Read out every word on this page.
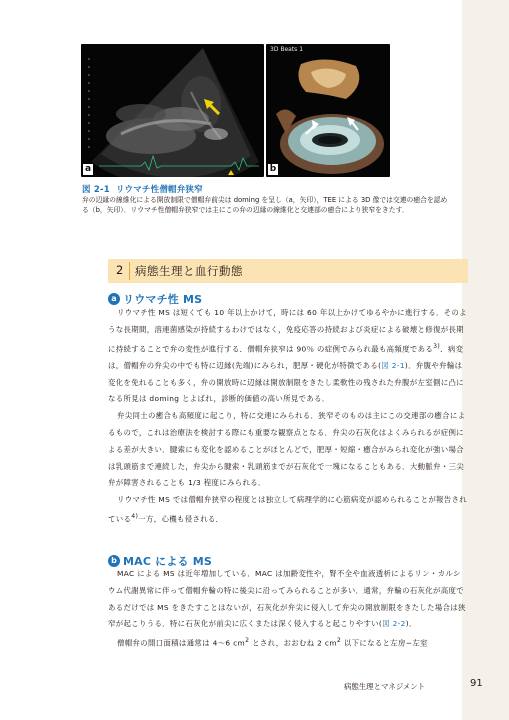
a
3D Beats 1
b
図 2-1 リウマチ性僧帽弁狭窄
弁の辺縁の線維化による開放制限で僧帽弁前尖は doming を呈し（a，矢印），TEE による 3D 像では交連の癒合を認める（b，矢印）．リウマチ性僧帽弁狭窄では主にこの弁の辺縁の線維化と交連部の癒合により狭窄をきたす．
2 病態生理と血行動態
a リウマチ性 MS

リウマチ性 MS は短くても 10 年以上かけて，時には 60 年以上かけてゆるやかに進行する．そのような長期間，溶連菌感染が持続するわけではなく，免疫応答の持続および炎症による破壊と修復が長期に持続することで弁の変性が進行する．僧帽弁狭窄は 90％ の症例でみられ最も高頻度である$^{3)}$．病変は，僧帽弁の弁尖の中でも特に辺縁(先端)にみられ，肥厚・硬化が特徴である(図 2-1)．弁腹や弁輪は変化を免れることも多く，弁の開放時に辺縁は開放制限をきたし柔軟性の残された弁腹が左室側に凸になる所見は doming とよばれ，診断的価値の高い所見である．

弁尖同士の癒合も高頻度に起こり，特に交連にみられる．狭窄そのものは主にこの交連部の癒合によるもので，これは治療法を検討する際にも重要な観察点となる．弁尖の石灰化はよくみられるが症例による差が大きい．腱索にも変化を認めることがほとんどで，肥厚・短縮・癒合がみられ変化が強い場合は乳頭筋まで連続した，弁尖から腱索・乳頭筋までが石灰化で一塊になることもある．大動脈弁・三尖弁が障害されることも 1/3 程度にみられる．

リウマチ性 MS では僧帽弁狭窄の程度とは独立して病理学的に心筋病変が認められることが報告されている$^{4)}$一方，心機も侵される．

b MAC による MS

MAC による MS は近年増加している．MAC は加齢変性や，腎不全や血液透析によるリン・カルシウム代謝異常に伴って僧帽弁輪の特に後尖に沿ってみられることが多い．通常，弁輪の石灰化が高度であるだけでは MS をきたすことはないが，石灰化が弁尖に侵入して弁尖の開放制限をきたした場合は狭窄が起こりうる．特に石灰化が前尖に広くまたは深く侵入すると起こりやすい(図 2-2)．

僧帽弁の開口面積は通常は 4〜6 $cm^2$ とされ，おおむね 2 $cm^2$ 以下になると左房−左室

病態生理とマネジメント	91
